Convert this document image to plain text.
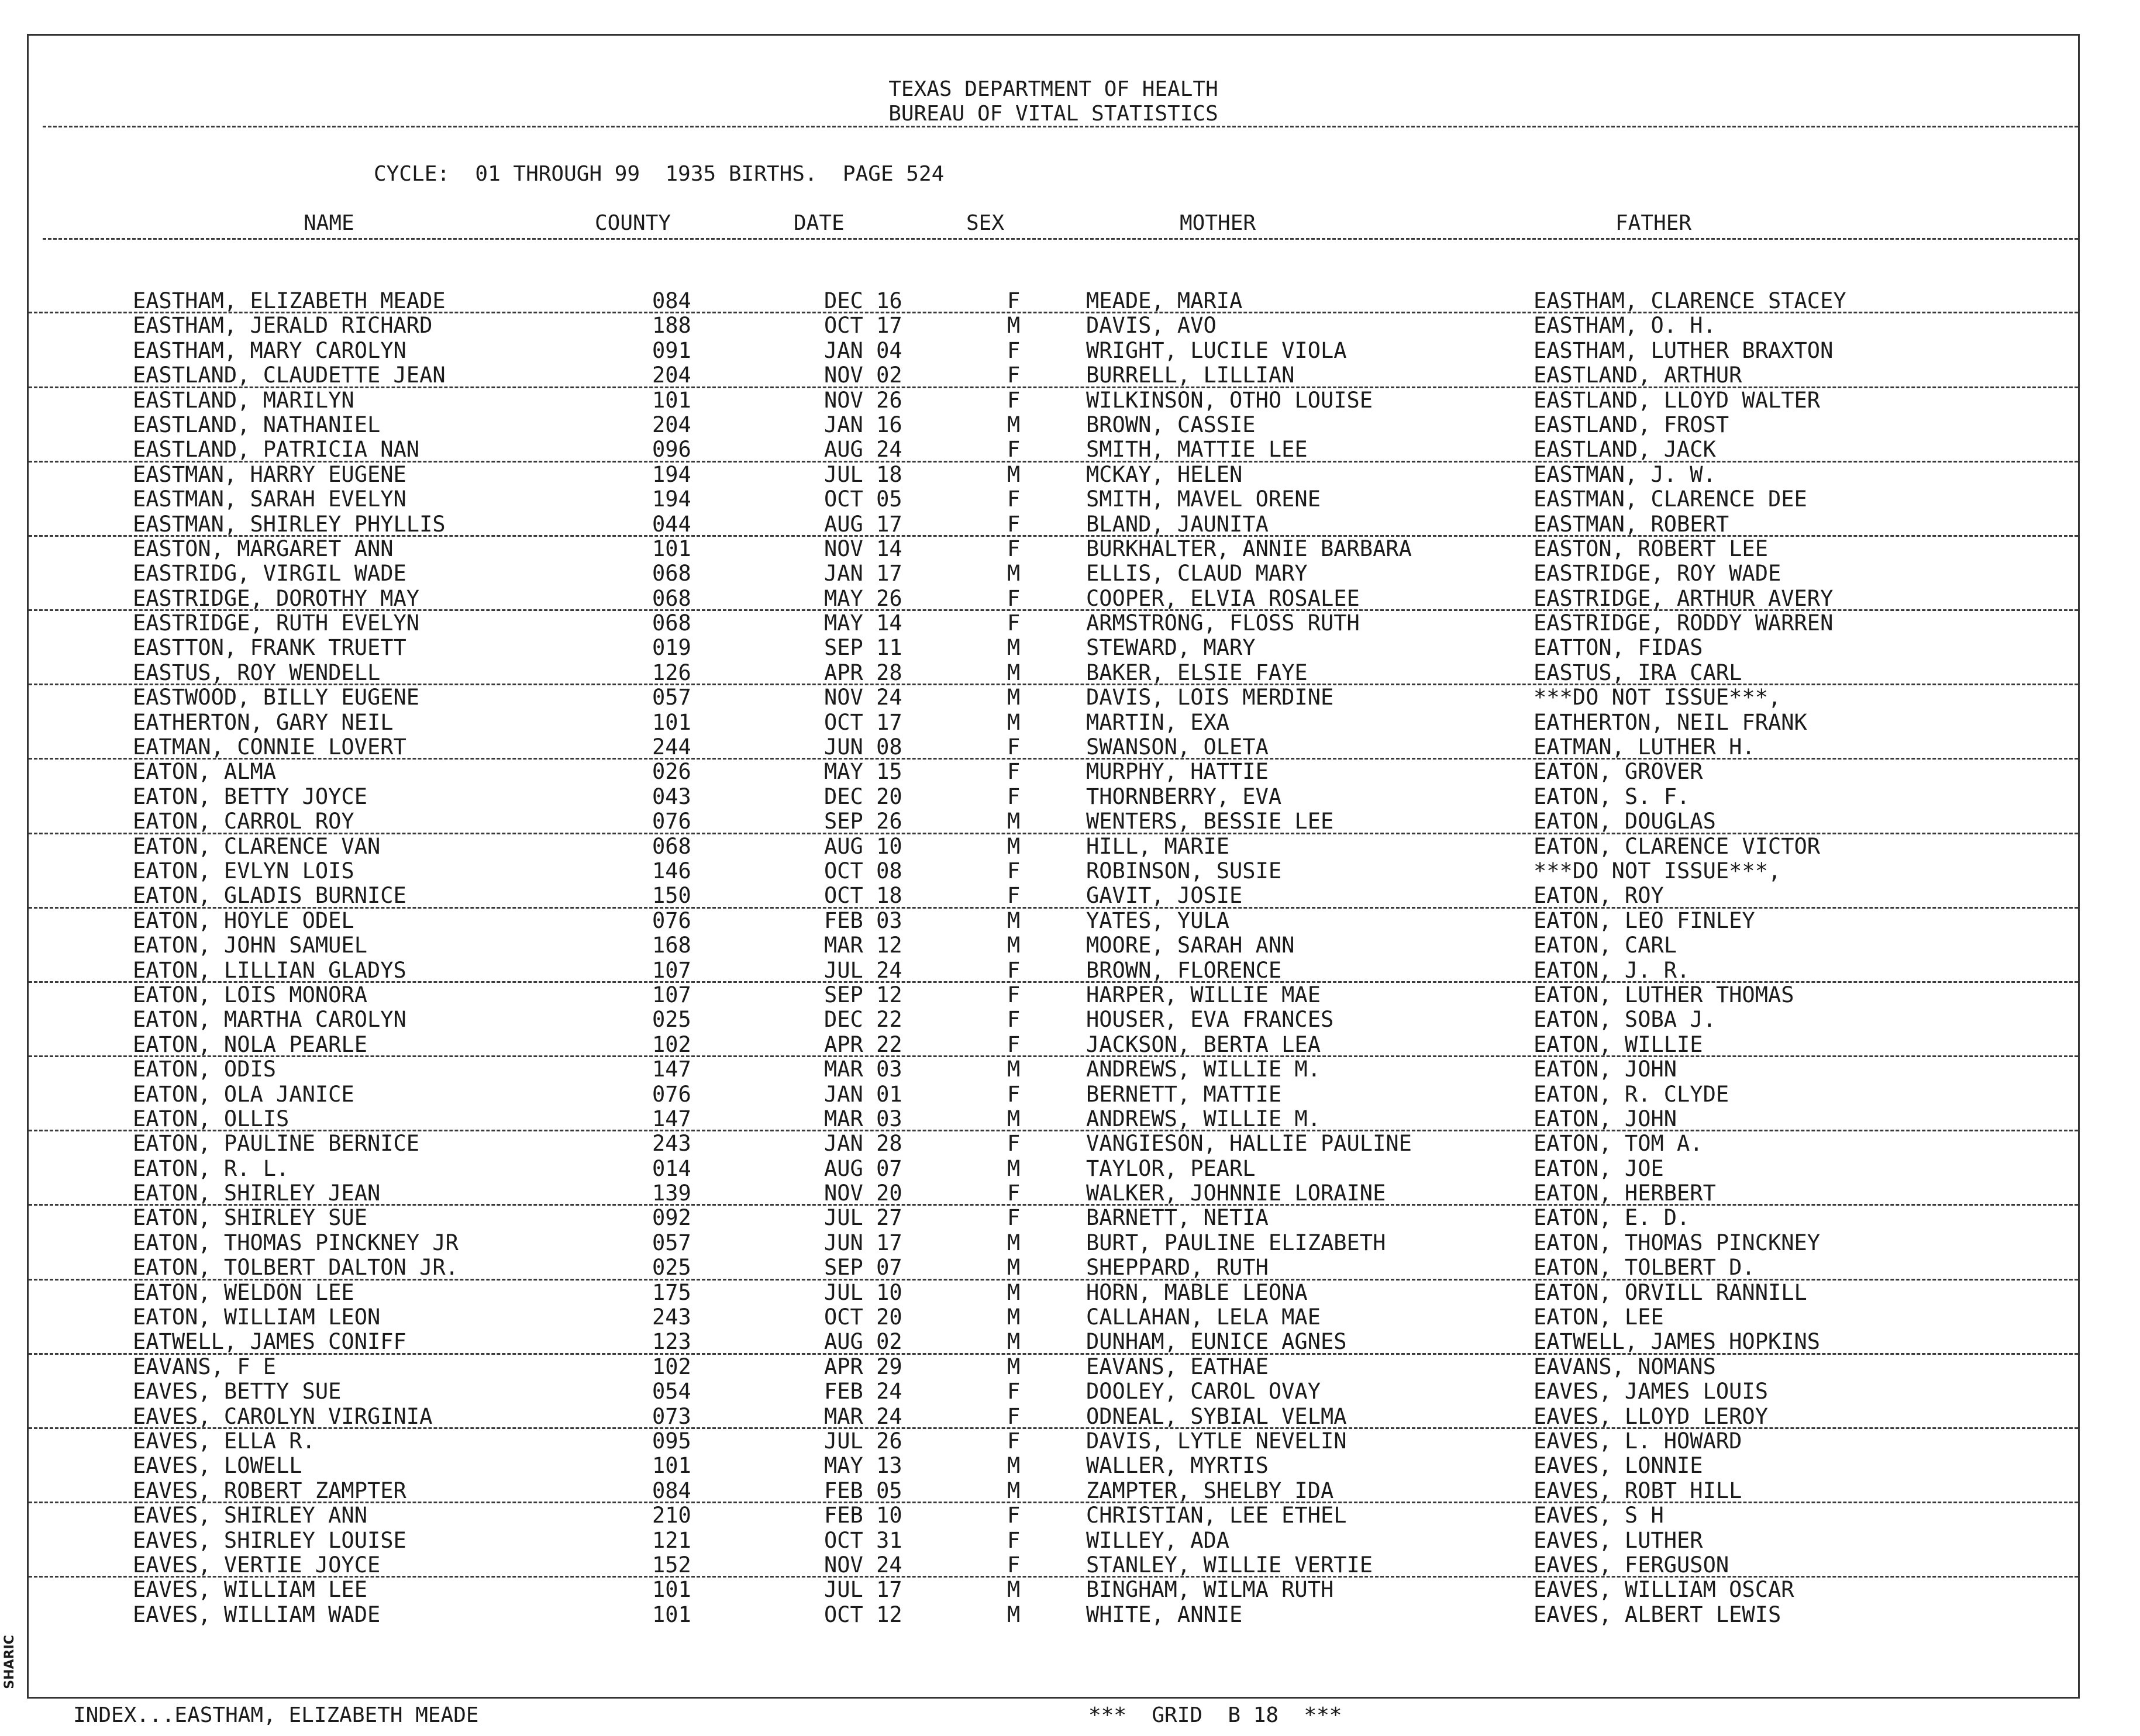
TEXAS DEPARTMENT OF HEALTH
BUREAU OF VITAL STATISTICS
CYCLE:  01 THROUGH 99  1935 BIRTHS.  PAGE 524
NAME	COUNTY	DATE	SEX	MOTHER	FATHER
EASTHAM, ELIZABETH MEADE	084	DEC 16	F	MEADE, MARIA	EASTHAM, CLARENCE STACEY
EASTHAM, JERALD RICHARD	188	OCT 17	M	DAVIS, AVO	EASTHAM, O. H.
EASTHAM, MARY CAROLYN	091	JAN 04	F	WRIGHT, LUCILE VIOLA	EASTHAM, LUTHER BRAXTON
EASTLAND, CLAUDETTE JEAN	204	NOV 02	F	BURRELL, LILLIAN	EASTLAND, ARTHUR
EASTLAND, MARILYN	101	NOV 26	F	WILKINSON, OTHO LOUISE	EASTLAND, LLOYD WALTER
EASTLAND, NATHANIEL	204	JAN 16	M	BROWN, CASSIE	EASTLAND, FROST
EASTLAND, PATRICIA NAN	096	AUG 24	F	SMITH, MATTIE LEE	EASTLAND, JACK
EASTMAN, HARRY EUGENE	194	JUL 18	M	MCKAY, HELEN	EASTMAN, J. W.
EASTMAN, SARAH EVELYN	194	OCT 05	F	SMITH, MAVEL ORENE	EASTMAN, CLARENCE DEE
EASTMAN, SHIRLEY PHYLLIS	044	AUG 17	F	BLAND, JAUNITA	EASTMAN, ROBERT
EASTON, MARGARET ANN	101	NOV 14	F	BURKHALTER, ANNIE BARBARA	EASTON, ROBERT LEE
EASTRIDG, VIRGIL WADE	068	JAN 17	M	ELLIS, CLAUD MARY	EASTRIDGE, ROY WADE
EASTRIDGE, DOROTHY MAY	068	MAY 26	F	COOPER, ELVIA ROSALEE	EASTRIDGE, ARTHUR AVERY
EASTRIDGE, RUTH EVELYN	068	MAY 14	F	ARMSTRONG, FLOSS RUTH	EASTRIDGE, RODDY WARREN
EASTTON, FRANK TRUETT	019	SEP 11	M	STEWARD, MARY	EATTON, FIDAS
EASTUS, ROY WENDELL	126	APR 28	M	BAKER, ELSIE FAYE	EASTUS, IRA CARL
EASTWOOD, BILLY EUGENE	057	NOV 24	M	DAVIS, LOIS MERDINE	***DO NOT ISSUE***,
EATHERTON, GARY NEIL	101	OCT 17	M	MARTIN, EXA	EATHERTON, NEIL FRANK
EATMAN, CONNIE LOVERT	244	JUN 08	F	SWANSON, OLETA	EATMAN, LUTHER H.
EATON, ALMA	026	MAY 15	F	MURPHY, HATTIE	EATON, GROVER
EATON, BETTY JOYCE	043	DEC 20	F	THORNBERRY, EVA	EATON, S. F.
EATON, CARROL ROY	076	SEP 26	M	WENTERS, BESSIE LEE	EATON, DOUGLAS
EATON, CLARENCE VAN	068	AUG 10	M	HILL, MARIE	EATON, CLARENCE VICTOR
EATON, EVLYN LOIS	146	OCT 08	F	ROBINSON, SUSIE	***DO NOT ISSUE***,
EATON, GLADIS BURNICE	150	OCT 18	F	GAVIT, JOSIE	EATON, ROY
EATON, HOYLE ODEL	076	FEB 03	M	YATES, YULA	EATON, LEO FINLEY
EATON, JOHN SAMUEL	168	MAR 12	M	MOORE, SARAH ANN	EATON, CARL
EATON, LILLIAN GLADYS	107	JUL 24	F	BROWN, FLORENCE	EATON, J. R.
EATON, LOIS MONORA	107	SEP 12	F	HARPER, WILLIE MAE	EATON, LUTHER THOMAS
EATON, MARTHA CAROLYN	025	DEC 22	F	HOUSER, EVA FRANCES	EATON, SOBA J.
EATON, NOLA PEARLE	102	APR 22	F	JACKSON, BERTA LEA	EATON, WILLIE
EATON, ODIS	147	MAR 03	M	ANDREWS, WILLIE M.	EATON, JOHN
EATON, OLA JANICE	076	JAN 01	F	BERNETT, MATTIE	EATON, R. CLYDE
EATON, OLLIS	147	MAR 03	M	ANDREWS, WILLIE M.	EATON, JOHN
EATON, PAULINE BERNICE	243	JAN 28	F	VANGIESON, HALLIE PAULINE	EATON, TOM A.
EATON, R. L.	014	AUG 07	M	TAYLOR, PEARL	EATON, JOE
EATON, SHIRLEY JEAN	139	NOV 20	F	WALKER, JOHNNIE LORAINE	EATON, HERBERT
EATON, SHIRLEY SUE	092	JUL 27	F	BARNETT, NETIA	EATON, E. D.
EATON, THOMAS PINCKNEY JR	057	JUN 17	M	BURT, PAULINE ELIZABETH	EATON, THOMAS PINCKNEY
EATON, TOLBERT DALTON JR.	025	SEP 07	M	SHEPPARD, RUTH	EATON, TOLBERT D.
EATON, WELDON LEE	175	JUL 10	M	HORN, MABLE LEONA	EATON, ORVILL RANNILL
EATON, WILLIAM LEON	243	OCT 20	M	CALLAHAN, LELA MAE	EATON, LEE
EATWELL, JAMES CONIFF	123	AUG 02	M	DUNHAM, EUNICE AGNES	EATWELL, JAMES HOPKINS
EAVANS, F E	102	APR 29	M	EAVANS, EATHAE	EAVANS, NOMANS
EAVES, BETTY SUE	054	FEB 24	F	DOOLEY, CAROL OVAY	EAVES, JAMES LOUIS
EAVES, CAROLYN VIRGINIA	073	MAR 24	F	ODNEAL, SYBIAL VELMA	EAVES, LLOYD LEROY
EAVES, ELLA R.	095	JUL 26	F	DAVIS, LYTLE NEVELIN	EAVES, L. HOWARD
EAVES, LOWELL	101	MAY 13	M	WALLER, MYRTIS	EAVES, LONNIE
EAVES, ROBERT ZAMPTER	084	FEB 05	M	ZAMPTER, SHELBY IDA	EAVES, ROBT HILL
EAVES, SHIRLEY ANN	210	FEB 10	F	CHRISTIAN, LEE ETHEL	EAVES, S H
EAVES, SHIRLEY LOUISE	121	OCT 31	F	WILLEY, ADA	EAVES, LUTHER
EAVES, VERTIE JOYCE	152	NOV 24	F	STANLEY, WILLIE VERTIE	EAVES, FERGUSON
EAVES, WILLIAM LEE	101	JUL 17	M	BINGHAM, WILMA RUTH	EAVES, WILLIAM OSCAR
EAVES, WILLIAM WADE	101	OCT 12	M	WHITE, ANNIE	EAVES, ALBERT LEWIS
INDEX...EASTHAM, ELIZABETH MEADE	***  GRID  B 18  ***
SHARIC
